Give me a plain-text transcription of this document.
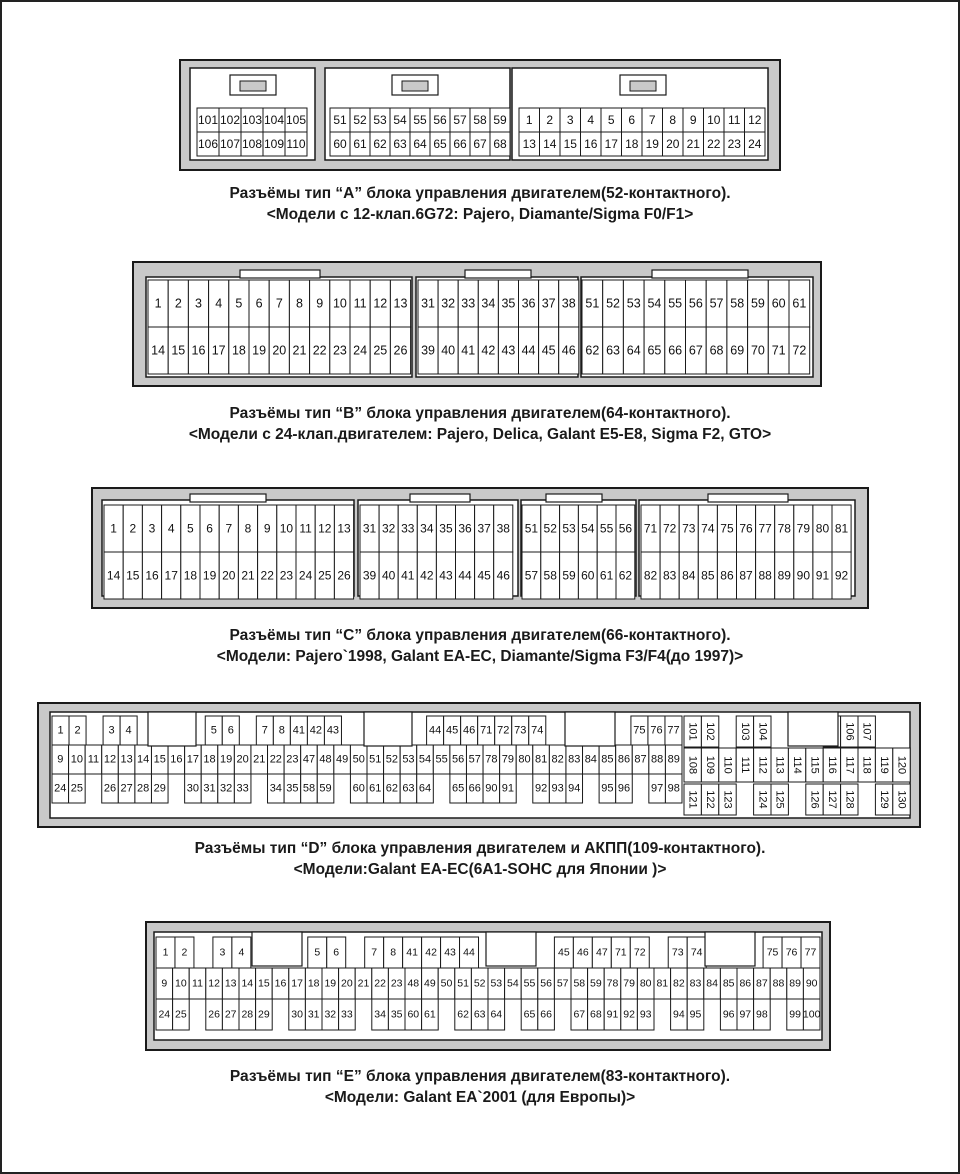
101 102 103 104 105
106 107 108 109 110
51 52 53 54 55 56 57 58 59
60 61 62 63 64 65 66 67 68
1 2 3 4 5 6 7 8 9 10 11 12
13 14 15 16 17 18 19 20 21 22 23 24
1 2 3 4 5 6 7 8 9 10 11 12 13
14 15 16 17 18 19 20 21 22 23 24 25 26
31 32 33 34 35 36 37 38
39 40 41 42 43 44 45 46
51 52 53 54 55 56 57 58 59 60 61
62 63 64 65 66 67 68 69 70 71 72
1 2 3 4 5 6 7 8 9 10 11 12 13
14 15 16 17 18 19 20 21 22 23 24 25 26
31 32 33 34 35 36 37 38
39 40 41 42 43 44 45 46
51 52 53 54 55 56
57 58 59 60 61 62
71 72 73 74 75 76 77 78 79 80 81
82 83 84 85 86 87 88 89 90 91 92
1 2	3 4	5 6	7 8 41 42 43	44 45 46 71 72 73 74	75 76 77
9 10 11 12 13 14 15 16 17 18 19 20 21 22 23 47 48 49 50 51 52 53 54 55 56 57 78 79 80 81 82 83 84 85 86 87 88 89
24 25 26 27 28 29 30 31 32 33 34 35 58 59 60 61 62 63 64 65 66 90 91 92 93 94 95 96 97 98
101 102 103 104	106 107
108 109 110 111 112 113 114 115 116 117 118 119 120
121 122 123 124 125 126 127 128 129 130
1 2	3 4	5 6	7 8 41 42 43 44	45 46 47 71 72	73 74	75 76 77
9 10 11 12 13 14 15 16 17 18 19 20 21 22 23 48 49 50 51 52 53 54 55 56 57 58 59 78 79 80 81 82 83 84 85 86 87 88 89 90
24 25 26 27 28 29 30 31 32 33 34 35 60 61 62 63 64 65 66 67 68 91 92 93 94 95 96 97 98 99 100
Разъёмы тип “A” блока управления двигателем(52-контактного).
<Модели с 12-клап.6G72: Pajero, Diamante/Sigma F0/F1>
Разъёмы тип “B” блока управления двигателем(64-контактного).
<Модели с 24-клап.двигателем: Pajero, Delica, Galant E5-E8, Sigma F2, GTO>
Разъёмы тип “C” блока управления двигателем(66-контактного).
<Модели: Pajero`1998, Galant EA-EC, Diamante/Sigma F3/F4(до 1997)>
Разъёмы тип “D” блока управления двигателем и АКПП(109-контактного).
<Модели:Galant EA-EC(6A1-SOHC для Японии )>
Разъёмы тип “E” блока управления двигателем(83-контактного).
<Модели: Galant EA`2001 (для Европы)>
